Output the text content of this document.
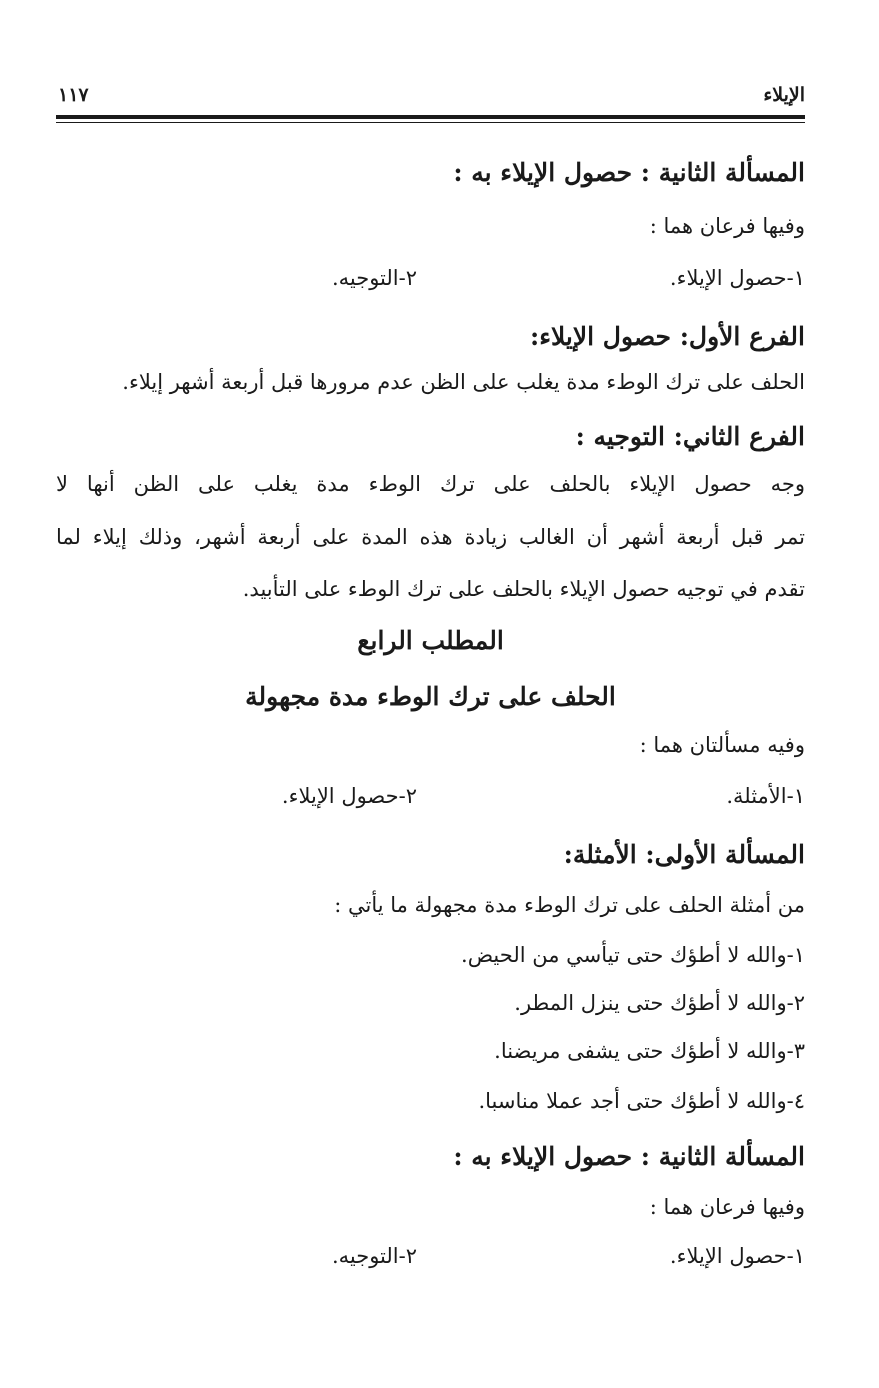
الإيلاء
١١٧
المسألة الثانية : حصول الإيلاء به :
وفيها فرعان هما :
١-حصول الإيلاء.
٢-التوجيه.
الفرع الأول: حصول الإيلاء:
الحلف على ترك الوطء مدة يغلب على الظن عدم مرورها قبل أربعة أشهر إيلاء.
الفرع الثاني: التوجيه :
وجه حصول الإيلاء بالحلف على ترك الوطء مدة يغلب على الظن أنها لا
تمر قبل أربعة أشهر أن الغالب زيادة هذه المدة على أربعة أشهر، وذلك إيلاء لما
تقدم في توجيه حصول الإيلاء بالحلف على ترك الوطء على التأبيد.
المطلب الرابع
الحلف على ترك الوطء مدة مجهولة
وفيه مسألتان هما :
١-الأمثلة.
٢-حصول الإيلاء.
المسألة الأولى: الأمثلة:
من أمثلة الحلف على ترك الوطء مدة مجهولة ما يأتي :
١-والله لا أطؤك حتى تيأسي من الحيض.
٢-والله لا أطؤك حتى ينزل المطر.
٣-والله لا أطؤك حتى يشفى مريضنا.
٤-والله لا أطؤك حتى أجد عملا مناسبا.
المسألة الثانية : حصول الإيلاء به :
وفيها فرعان هما :
١-حصول الإيلاء.
٢-التوجيه.
